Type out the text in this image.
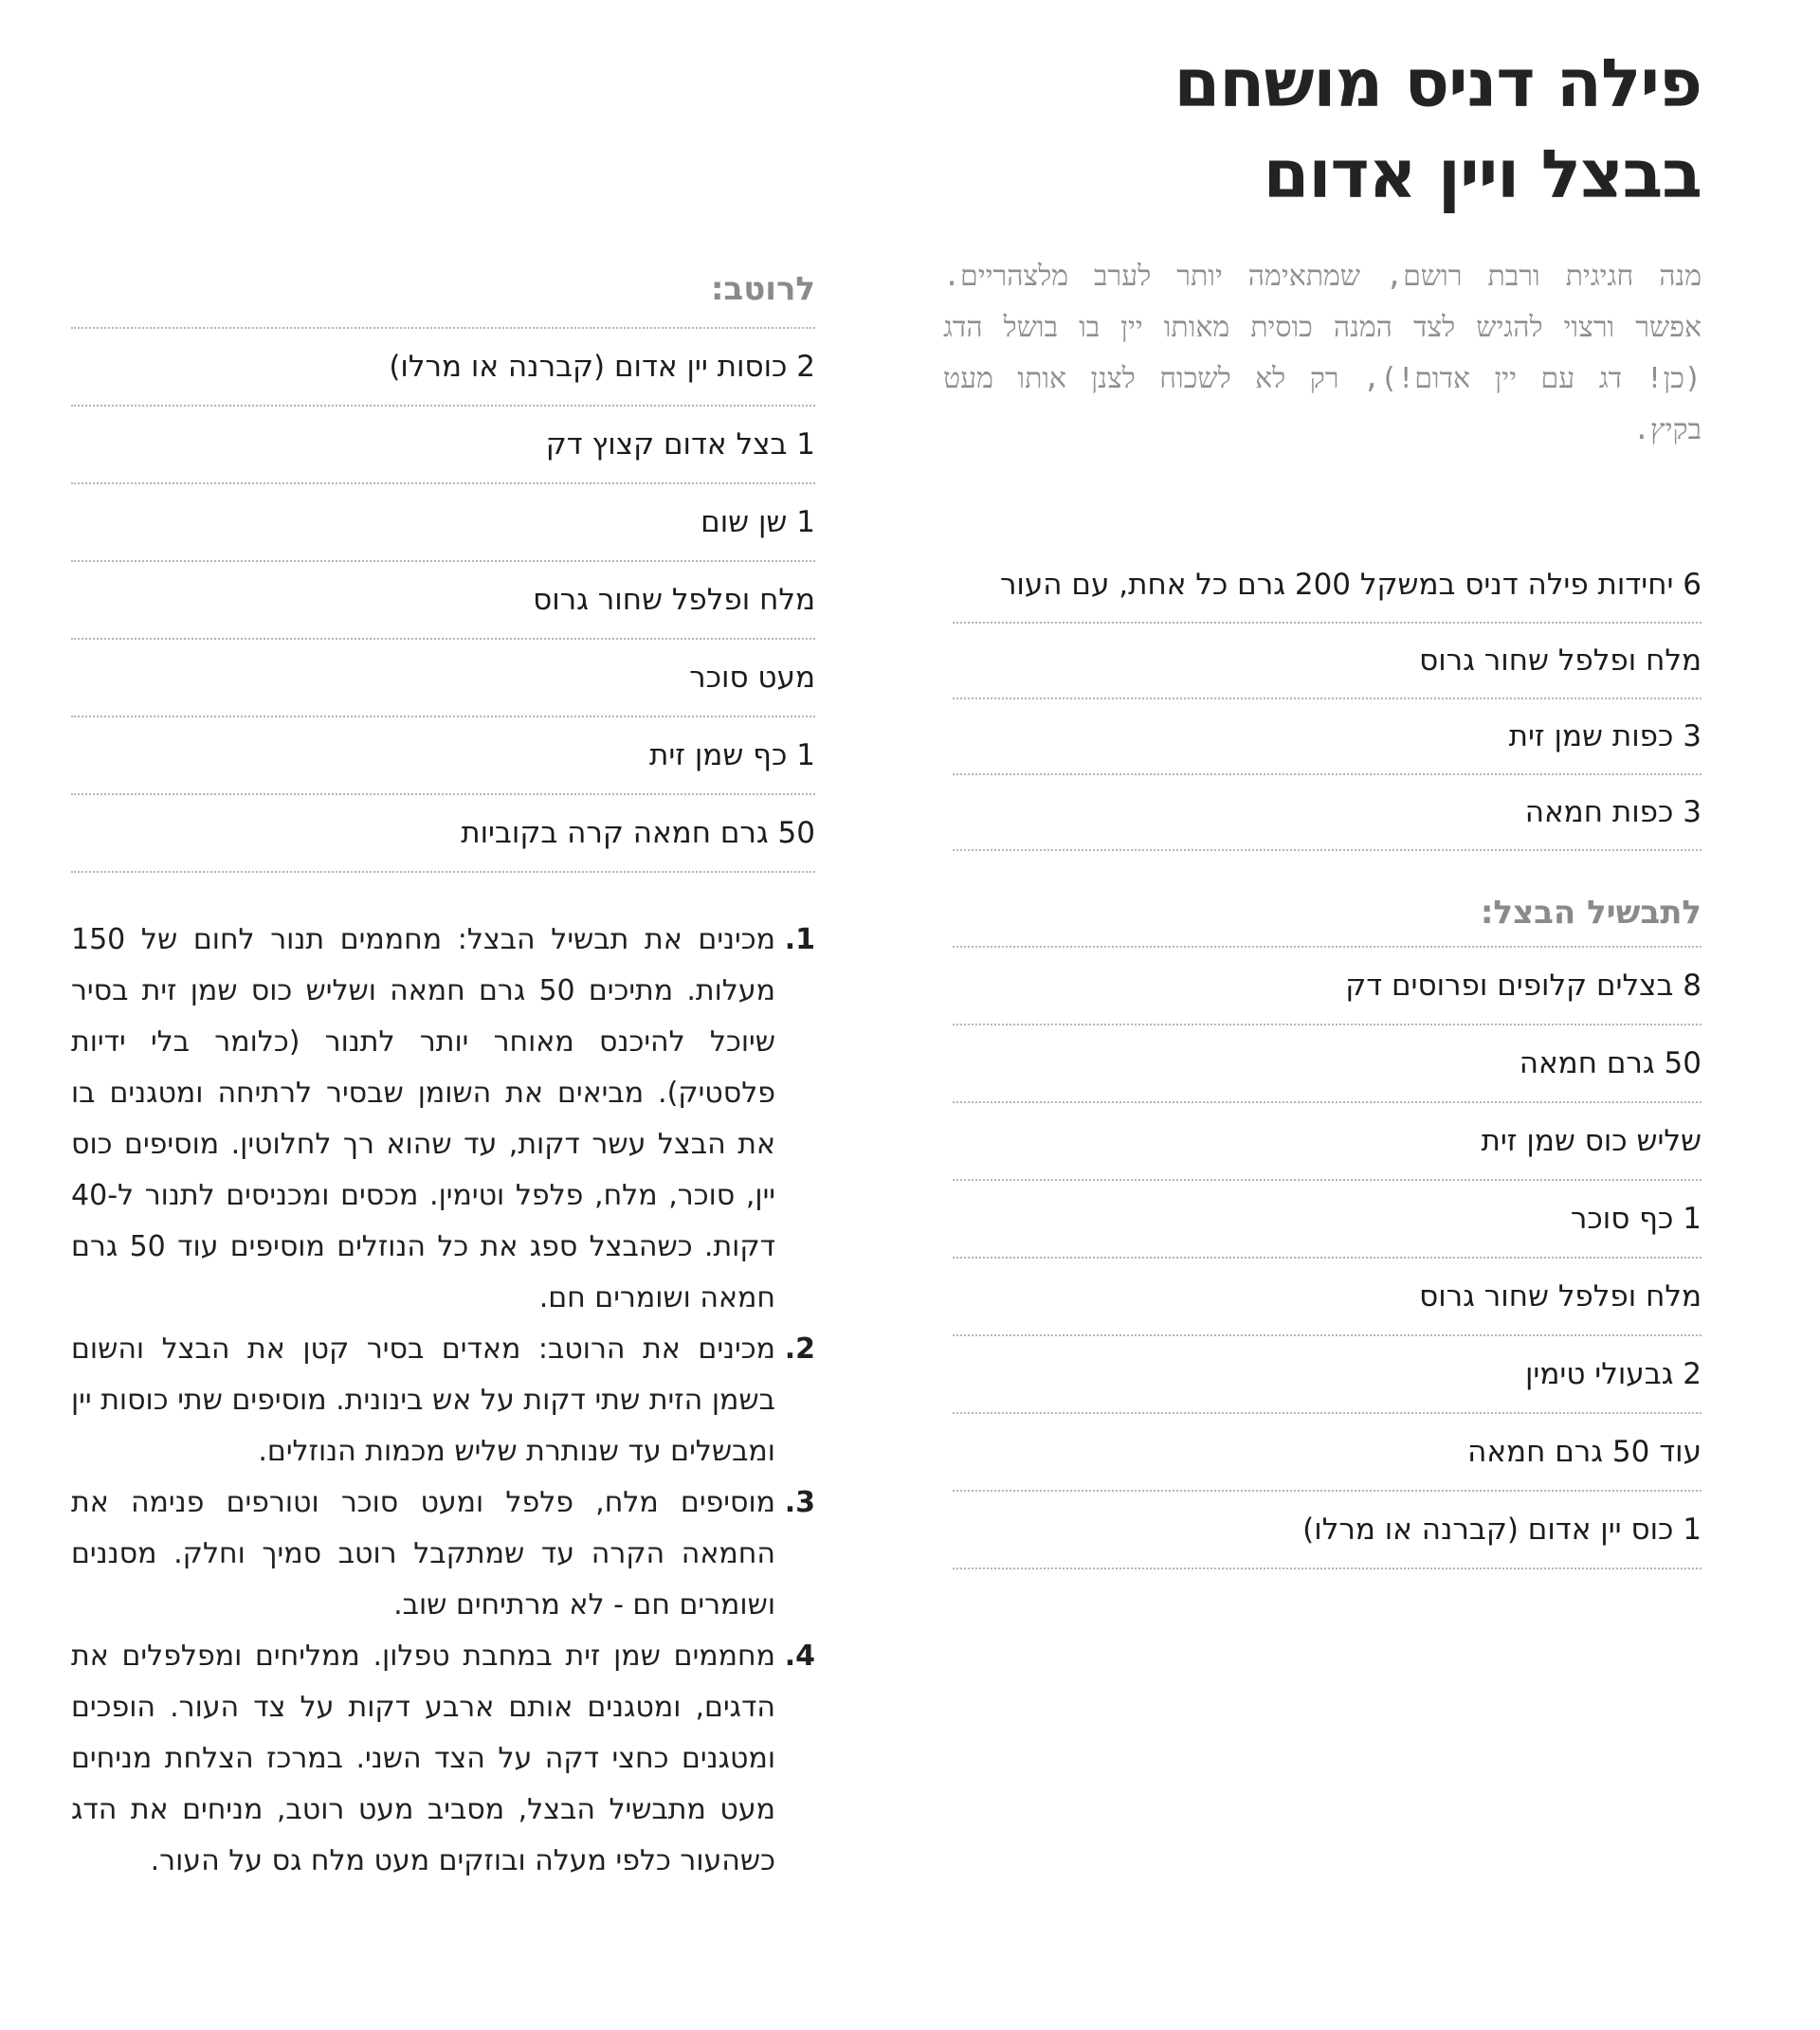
פילה דניס מושחם
בבצל ויין אדום

מנה חגיגית ורבת רושם, שמתאימה יותר לערב מלצהריים. אפשר ורצוי להגיש לצד המנה כוסית מאותו יין בו בושל הדג (כן! דג עם יין אדום!), רק לא לשכוח לצנן אותו מעט בקיץ.

6 יחידות פילה דניס במשקל 200 גרם כל אחת, עם העור
מלח ופלפל שחור גרוס
3 כפות שמן זית
3 כפות חמאה
לתבשיל הבצל:
8 בצלים קלופים ופרוסים דק
50 גרם חמאה
שליש כוס שמן זית
1 כף סוכר
מלח ופלפל שחור גרוס
2 גבעולי טימין
עוד 50 גרם חמאה
1 כוס יין אדום (קברנה או מרלו)
לרוטב:
2 כוסות יין אדום (קברנה או מרלו)
1 בצל אדום קצוץ דק
1 שן שום
מלח ופלפל שחור גרוס
מעט סוכר
1 כף שמן זית
50 גרם חמאה קרה בקוביות
1.
מכינים את תבשיל הבצל: מחממים תנור לחום של 150 מעלות. מתיכים 50 גרם חמאה ושליש כוס שמן זית בסיר שיוכל להיכנס מאוחר יותר לתנור (כלומר בלי ידיות פלסטיק). מביאים את השומן שבסיר לרתיחה ומטגנים בו את הבצל עשר דקות, עד שהוא רך לחלוטין. מוסיפים כוס יין, סוכר, מלח, פלפל וטימין. מכסים ומכניסים לתנור ל-40 דקות. כשהבצל ספג את כל הנוזלים מוסיפים עוד 50 גרם חמאה ושומרים חם.
2.
מכינים את הרוטב: מאדים בסיר קטן את הבצל והשום בשמן הזית שתי דקות על אש בינונית. מוסיפים שתי כוסות יין ומבשלים עד שנותרת שליש מכמות הנוזלים.
3.
מוסיפים מלח, פלפל ומעט סוכר וטורפים פנימה את החמאה הקרה עד שמתקבל רוטב סמיך וחלק. מסננים ושומרים חם - לא מרתיחים שוב.
4.
מחממים שמן זית במחבת טפלון. ממליחים ומפלפלים את הדגים, ומטגנים אותם ארבע דקות על צד העור. הופכים ומטגנים כחצי דקה על הצד השני. במרכז הצלחת מניחים מעט מתבשיל הבצל, מסביב מעט רוטב, מניחים את הדג כשהעור כלפי מעלה ובוזקים מעט מלח גס על העור.
